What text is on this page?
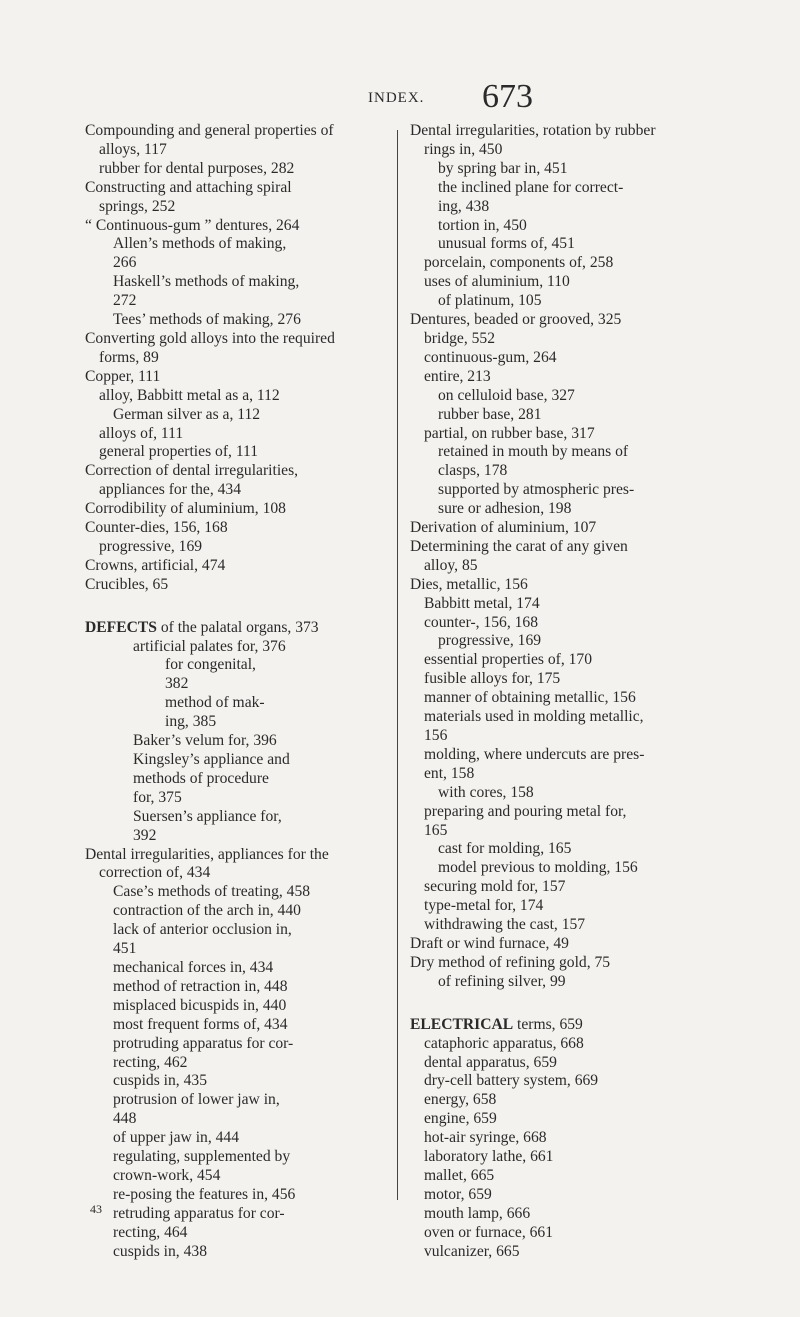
INDEX. 673
Compounding and general properties of
alloys, 117
rubber for dental purposes, 282
Constructing and attaching spiral
springs, 252
“ Continuous-gum ” dentures, 264
Allen’s methods of making,
266
Haskell’s methods of making,
272
Tees’ methods of making, 276
Converting gold alloys into the required
forms, 89
Copper, 111
alloy, Babbitt metal as a, 112
German silver as a, 112
alloys of, 111
general properties of, 111
Correction of dental irregularities,
appliances for the, 434
Corrodibility of aluminium, 108
Counter-dies, 156, 168
progressive, 169
Crowns, artificial, 474
Crucibles, 65
DEFECTS of the palatal organs, 373
artificial palates for, 376
for congenital,
382
method of mak-
ing, 385
Baker’s velum for, 396
Kingsley’s appliance and
methods of procedure
for, 375
Suersen’s appliance for,
392
Dental irregularities, appliances for the
correction of, 434
Case’s methods of treating, 458
contraction of the arch in, 440
lack of anterior occlusion in,
451
mechanical forces in, 434
method of retraction in, 448
misplaced bicuspids in, 440
most frequent forms of, 434
protruding apparatus for cor-
recting, 462
cuspids in, 435
protrusion of lower jaw in,
448
of upper jaw in, 444
regulating, supplemented by
crown-work, 454
re-posing the features in, 456
retruding apparatus for cor-
recting, 464
cuspids in, 438
Dental irregularities, rotation by rubber
rings in, 450
by spring bar in, 451
the inclined plane for correct-
ing, 438
tortion in, 450
unusual forms of, 451
porcelain, components of, 258
uses of aluminium, 110
of platinum, 105
Dentures, beaded or grooved, 325
bridge, 552
continuous-gum, 264
entire, 213
on celluloid base, 327
rubber base, 281
partial, on rubber base, 317
retained in mouth by means of
clasps, 178
supported by atmospheric pres-
sure or adhesion, 198
Derivation of aluminium, 107
Determining the carat of any given
alloy, 85
Dies, metallic, 156
Babbitt metal, 174
counter-, 156, 168
progressive, 169
essential properties of, 170
fusible alloys for, 175
manner of obtaining metallic, 156
materials used in molding metallic,
156
molding, where undercuts are pres-
ent, 158
with cores, 158
preparing and pouring metal for,
165
cast for molding, 165
model previous to molding, 156
securing mold for, 157
type-metal for, 174
withdrawing the cast, 157
Draft or wind furnace, 49
Dry method of refining gold, 75
of refining silver, 99
ELECTRICAL terms, 659
cataphoric apparatus, 668
dental apparatus, 659
dry-cell battery system, 669
energy, 658
engine, 659
hot-air syringe, 668
laboratory lathe, 661
mallet, 665
motor, 659
mouth lamp, 666
oven or furnace, 661
vulcanizer, 665
43
